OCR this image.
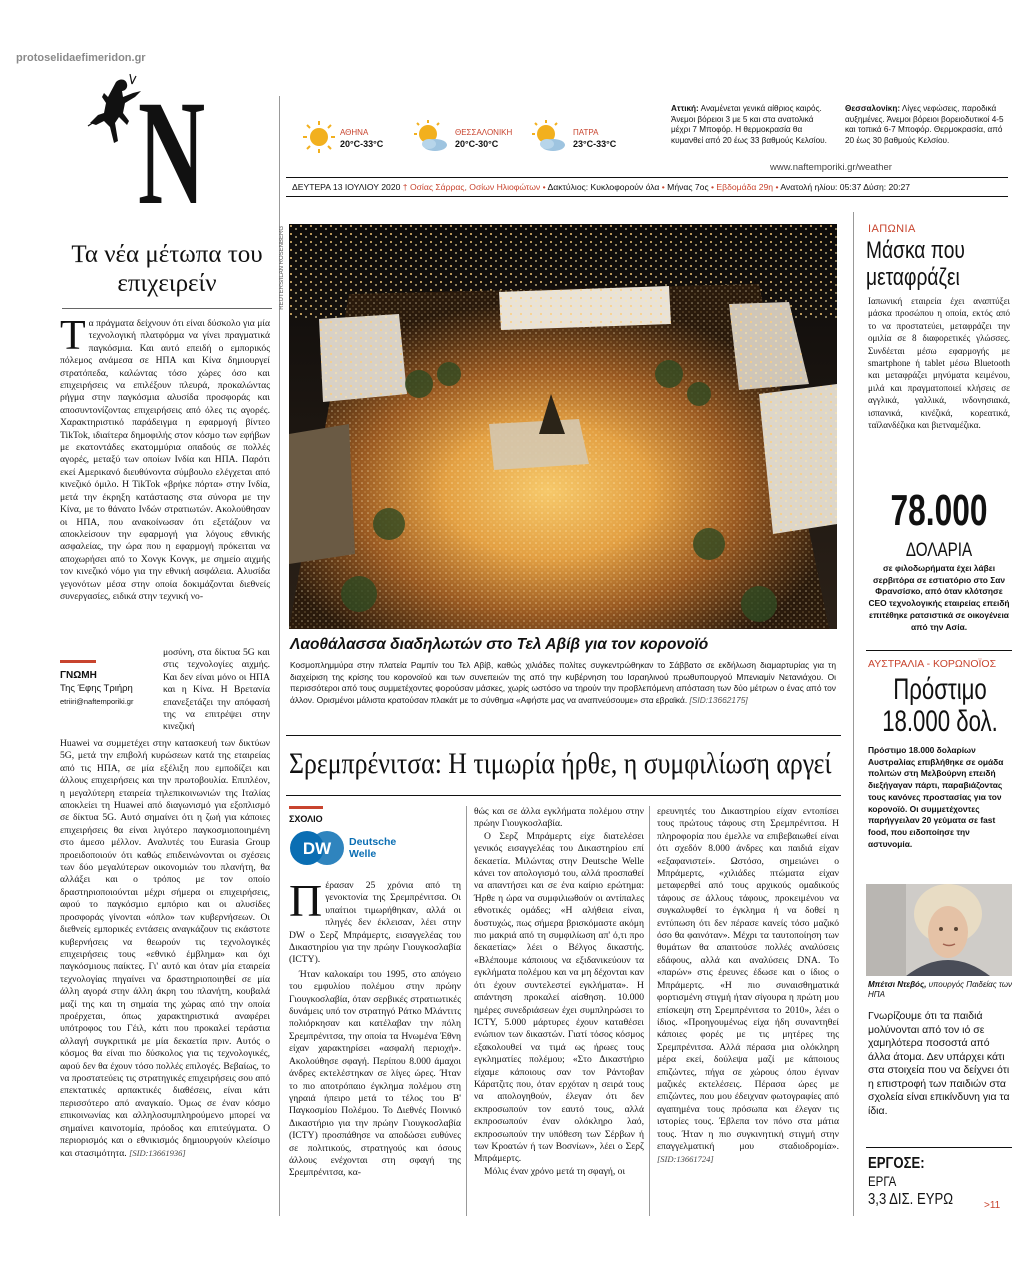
protoselidaefimeridon.gr
N	ΑΘΗΝΑ
20°C-33°C
ΘΕΣΣΑΛΟΝΙΚΗ
20°C-30°C
ΠΑΤΡΑ
23°C-33°C
Αττική: Αναμένεται γενικά αίθριος καιρός. Άνεμοι βόρειοι 3 με 5 και στα ανατολικά μέχρι 7 Μποφόρ. Η θερμοκρασία θα κυμανθεί από 20 έως 33 βαθμούς Κελσίου.
Θεσσαλονίκη: Λίγες νεφώσεις, παροδικά αυξημένες. Άνεμοι βόρειοι βορειοδυτικοί 4-5 και τοπικά 6-7 Μποφόρ. Θερμοκρασία, από 20 έως 30 βαθμούς Κελσίου.
www.naftemporiki.gr/weather
ΔΕΥΤΕΡΑ 13 ΙΟΥΛΙΟΥ 2020 † Οσίας Σάρρας, Οσίων Ηλιοφώτων • Δακτύλιος: Κυκλοφορούν όλα • Μήνας 7ος • Εβδομάδα 29η • Ανατολή ηλίου: 05:37 Δύση: 20:27
Τα νέα μέτωπα του επιχειρείν
Τα πράγματα δείχνουν ότι είναι δύσκολο για μία τεχνολογική πλατφόρμα να γίνει πραγματικά παγκόσμια. Και αυτό επειδή ο εμπορικός πόλεμος ανάμεσα σε ΗΠΑ και Κίνα δημιουργεί στρατόπεδα, καλώντας τόσο χώρες όσο και επιχειρήσεις να επιλέξουν πλευρά, προκαλώντας ρήγμα στην παγκόσμια αλυσίδα προσφοράς και αποσυντονίζοντας επιχειρήσεις από όλες τις αγορές. Χαρακτηριστικό παράδειγμα η εφαρμογή βίντεο TikTok, ιδιαίτερα δημοφιλής στον κόσμο των εφήβων με εκατοντάδες εκατομμύρια οπαδούς σε πολλές αγορές, μεταξύ των οποίων Ινδία και ΗΠΑ. Παρότι εκεί Αμερικανό διευθύνοντα σύμβουλο ελέγχεται από κινεζικό όμιλο. Η TikTok «βρήκε πόρτα» στην Ινδία, μετά την έκρηξη κατάστασης στα σύνορα με την Κίνα, με το θάνατο Ινδών στρατιωτών. Ακολούθησαν οι ΗΠΑ, που ανακοίνωσαν ότι εξετάζουν να αποκλείσουν την εφαρμογή για λόγους εθνικής ασφαλείας, την ώρα που η εφαρμογή πρόκειται να αποχωρήσει από το Χονγκ Κονγκ, με σημείο αιχμής τον κινεζικό νόμο για την εθνική ασφάλεια. Αλυσίδα γεγονότων μέσα στην οποία δοκιμάζονται διεθνείς συνεργασίες, ειδικά στην τεχνική νο-
ΓΝΩΜΗ
Της Έφης Τριήρη
etriiri@naftemporiki.gr
μοσύνη, στα δίκτυα 5G και στις τεχνολογίες αιχμής. Και δεν είναι μόνο οι ΗΠΑ και η Κίνα. Η Βρετανία επανεξετάζει την απόφασή της να επιτρέψει στην κινεζική
Huawei να συμμετέχει στην κατασκευή των δικτύων 5G, μετά την επιβολή κυρώσεων κατά της εταιρείας από τις ΗΠΑ, σε μία εξέλιξη που εμποδίζει και άλλους επιχειρήσεις και την πρωτοβουλία. Επιπλέον, η μεγαλύτερη εταιρεία τηλεπικοινωνιών της Ιταλίας αποκλείει τη Huawei από διαγωνισμό για εξοπλισμό σε δίκτυα 5G. Αυτό σημαίνει ότι η ζωή για κάποιες επιχειρήσεις θα είναι λιγότερο παγκοσμιοποιημένη στο άμεσο μέλλον. Αναλυτές του Eurasia Group προειδοποιούν ότι καθώς επιδεινώνονται οι σχέσεις των δύο μεγαλύτερων οικονομιών του πλανήτη, θα αλλάξει και ο τρόπος με τον οποίο δραστηριοποιούνται μέχρι σήμερα οι επιχειρήσεις, αφού το παγκόσμιο εμπόριο και οι αλυσίδες προσφοράς γίνονται «όπλο» των κυβερνήσεων. Οι διεθνείς εμπορικές εντάσεις αναγκάζουν τις εκάστοτε κυβερνήσεις να θεωρούν τις τεχνολογικές επιχειρήσεις τους «εθνικό έμβλημα» και όχι παγκόσμιους παίκτες. Γι' αυτό και όταν μία εταιρεία τεχνολογίας πηγαίνει να δραστηριοποιηθεί σε μία άλλη αγορά στην άλλη άκρη του πλανήτη, κουβαλά μαζί της και τη σημαία της χώρας από την οποία προέρχεται, όπως χαρακτηριστικά αναφέρει υπότροφος του Γέιλ, κάτι που προκαλεί τεράστια αλλαγή συγκριτικά με μία δεκαετία πριν. Αυτός ο κόσμος θα είναι πιο δύσκολος για τις τεχνολογικές, αφού δεν θα έχουν τόσο πολλές επιλογές. Βεβαίως, το να προστατεύεις τις στρατηγικές επιχειρήσεις σου από επεκτατικές αρπακτικές διαθέσεις, είναι κάτι περισσότερο από αναγκαίο. Όμως σε έναν κόσμο επικοινωνίας και αλληλοσυμπληρούμενο μπορεί να σημαίνει καινοτομία, πρόοδος και επιτεύγματα. Ο περιορισμός και ο εθνικισμός δημιουργούν κλείσιμο και στασιμότητα. [SID:13661936]
REUTERS/ILAN ROSENBERG
Λαοθάλασσα διαδηλωτών στο Τελ Αβίβ για τον κορονοϊό
Κοσμοπλημμύρα στην πλατεία Ραμπίν του Τελ Αβίβ, καθώς χιλιάδες πολίτες συγκεντρώθηκαν το Σάββατο σε εκδήλωση διαμαρτυρίας για τη διαχείριση της κρίσης του κορονοϊού και των συνεπειών της από την κυβέρνηση του Ισραηλινού πρωθυπουργού Μπενιαμίν Νετανιάχου. Οι περισσότεροι από τους συμμετέχοντες φορούσαν μάσκες, χωρίς ωστόσο να τηρούν την προβλεπόμενη απόσταση των δύο μέτρων ο ένας από τον άλλον. Ορισμένοι μάλιστα κρατούσαν πλακάτ με το σύνθημα «Αφήστε μας να αναπνεύσουμε» στα εβραϊκά. [SID:13662175]
Σρεμπρένιτσα: Η τιμωρία ήρθε, η συμφιλίωση αργεί
ΣΧΟΛΙΟ
DW Deutsche
Welle

Πέρασαν 25 χρόνια από τη γενοκτονία της Σρεμπρένιτσα. Οι υπαίτιοι τιμωρήθηκαν, αλλά οι πληγές δεν έκλεισαν, λέει στην DW ο Σερζ Μπράμερτς, εισαγγελέας του Δικαστηρίου για την πρώην Γιουγκοσλαβία (ICTY).

Ήταν καλοκαίρι του 1995, στο απόγειο του εμφυλίου πολέμου στην πρώην Γιουγκοσλαβία, όταν σερβικές στρατιωτικές δυνάμεις υπό τον στρατηγό Ράτκο Μλάντιτς πολιόρκησαν και κατέλαβαν την πόλη Σρεμπρένιτσα, την οποία τα Ηνωμένα Έθνη είχαν χαρακτηρίσει «ασφαλή περιοχή». Ακολούθησε σφαγή. Περίπου 8.000 άμαχοι άνδρες εκτελέστηκαν σε λίγες ώρες. Ήταν το πιο αποτρόπαιο έγκλημα πολέμου στη γηραιά ήπειρο μετά το τέλος του Β' Παγκοσμίου Πολέμου. Το Διεθνές Ποινικό Δικαστήριο για την πρώην Γιουγκοσλαβία (ICTY) προσπάθησε να αποδώσει ευθύνες σε πολιτικούς, στρατηγούς και όσους άλλους ενέχονται στη σφαγή της Σρεμπρένιτσα, κα-

θώς και σε άλλα εγκλήματα πολέμου στην πρώην Γιουγκοσλαβία.

Ο Σερζ Μπράμερτς είχε διατελέσει γενικός εισαγγελέας του Δικαστηρίου επί δεκαετία. Μιλώντας στην Deutsche Welle κάνει τον απολογισμό του, αλλά προσπαθεί να απαντήσει και σε ένα καίριο ερώτημα: Ήρθε η ώρα να συμφιλιωθούν οι αντίπαλες εθνοτικές ομάδες; «Η αλήθεια είναι, δυστυχώς, πως σήμερα βρισκόμαστε ακόμη πιο μακριά από τη συμφιλίωση απ' ό,τι προ δεκαετίας» λέει ο Βέλγος δικαστής. «Βλέπουμε κάποιους να εξιδανικεύουν τα εγκλήματα πολέμου και να μη δέχονται καν ότι έχουν συντελεστεί εγκλήματα». Η απάντηση προκαλεί αίσθηση. 10.000 ημέρες συνεδριάσεων έχει συμπληρώσει το ICTY, 5.000 μάρτυρες έχουν καταθέσει ενώπιον των δικαστών. Γιατί τόσος κόσμος εξακολουθεί να τιμά ως ήρωες τους εγκληματίες πολέμου; «Στο Δικαστήριο είχαμε κάποιους σαν τον Ράντοβαν Κάρατζιτς που, όταν ερχόταν η σειρά τους να απολογηθούν, έλεγαν ότι δεν εκπροσωπούν τον εαυτό τους, αλλά εκπροσωπούν έναν ολόκληρο λαό, εκπροσωπούν την υπόθεση των Σέρβων ή των Κροατών ή των Βοσνίων», λέει ο Σερζ Μπράμερτς.

Μόλις έναν χρόνο μετά τη σφαγή, οι

ερευνητές του Δικαστηρίου είχαν εντοπίσει τους πρώτους τάφους στη Σρεμπρένιτσα. Η πληροφορία που έμελλε να επιβεβαιωθεί είναι ότι σχεδόν 8.000 άνδρες και παιδιά είχαν «εξαφανιστεί». Ωστόσο, σημειώνει ο Μπράμερτς, «χιλιάδες πτώματα είχαν μεταφερθεί από τους αρχικούς ομαδικούς τάφους σε άλλους τάφους, προκειμένου να συγκαλυφθεί το έγκλημα ή να δοθεί η εντύπωση ότι δεν πέρασε κανείς τόσο μαζικό όσο θα φαινόταν». Μέχρι τα ταυτοποίηση των θυμάτων θα απαιτούσε πολλές αναλύσεις εδάφους, αλλά και αναλύσεις DNA. Το «παρών» στις έρευνες έδωσε και ο ίδιος ο Μπράμερτς. «Η πιο συναισθηματικά φορτισμένη στιγμή ήταν σίγουρα η πρώτη μου επίσκεψη στη Σρεμπρένιτσα το 2010», λέει ο ίδιος. «Προηγουμένως είχα ήδη συναντηθεί κάποιες φορές με τις μητέρες της Σρεμπρένιτσα. Αλλά πέρασα μια ολόκληρη μέρα εκεί, δούλεψα μαζί με κάποιους επιζώντες, πήγα σε χώρους όπου έγιναν μαζικές εκτελέσεις. Πέρασα ώρες με επιζώντες, που μου έδειχναν φωτογραφίες από αγαπημένα τους πρόσωπα και έλεγαν τις ιστορίες τους. Έβλεπα τον πόνο στα μάτια τους. Ήταν η πιο συγκινητική στιγμή στην επαγγελματική μου σταδιοδρομία». [SID:13661724]
ΙΑΠΩΝΙΑ
Μάσκα που
μεταφράζει
Ιαπωνική εταιρεία έχει αναπτύξει μάσκα προσώπου η οποία, εκτός από το να προστατεύει, μεταφράζει την ομιλία σε 8 διαφορετικές γλώσσες. Συνδέεται μέσω εφαρμογής με smartphone ή tablet μέσω Bluetooth και μεταφράζει μηνύματα κειμένου, μιλά και πραγματοποιεί κλήσεις σε αγγλικά, γαλλικά, ινδονησιακά, ισπανικά, κινέζικά, κορεατικά, ταϊλανδέζικα και βιετναμέζικα.
78.000
ΔΟΛΑΡΙΑ
σε φιλοδωρήματα έχει λάβει σερβιτόρα σε εστιατόριο στο Σαν Φρανσίσκο, από όταν κλότσησε CEO τεχνολογικής εταιρείας επειδή επιτέθηκε ρατσιστικά σε οικογένεια από την Ασία.
ΑΥΣΤΡΑΛΙΑ - ΚΟΡΩΝΟΪΟΣ
Πρόστιμο
18.000 δολ.
Πρόστιμο 18.000 δολαρίων Αυστραλίας επιβλήθηκε σε ομάδα πολιτών στη Μελβούρνη επειδή διεξήγαγαν πάρτι, παραβιάζοντας τους κανόνες προστασίας για τον κορονοϊό. Οι συμμετέχοντες παρήγγειλαν 20 γεύματα σε fast food, που ειδοποίησε την αστυνομία.
Μπέτσι Ντεβός, υπουργός Παιδείας των ΗΠΑ
Γνωρίζουμε ότι τα παιδιά μολύνονται από τον ιό σε χαμηλότερα ποσοστά από άλλα άτομα. Δεν υπάρχει κάτι στα στοιχεία που να δείχνει ότι η επιστροφή των παιδιών στα σχολεία είναι επικίνδυνη για τα ίδια.
ΕΡΓΟΣΕ:
ΕΡΓΑ
3,3 ΔΙΣ. ΕΥΡΩ	>11
